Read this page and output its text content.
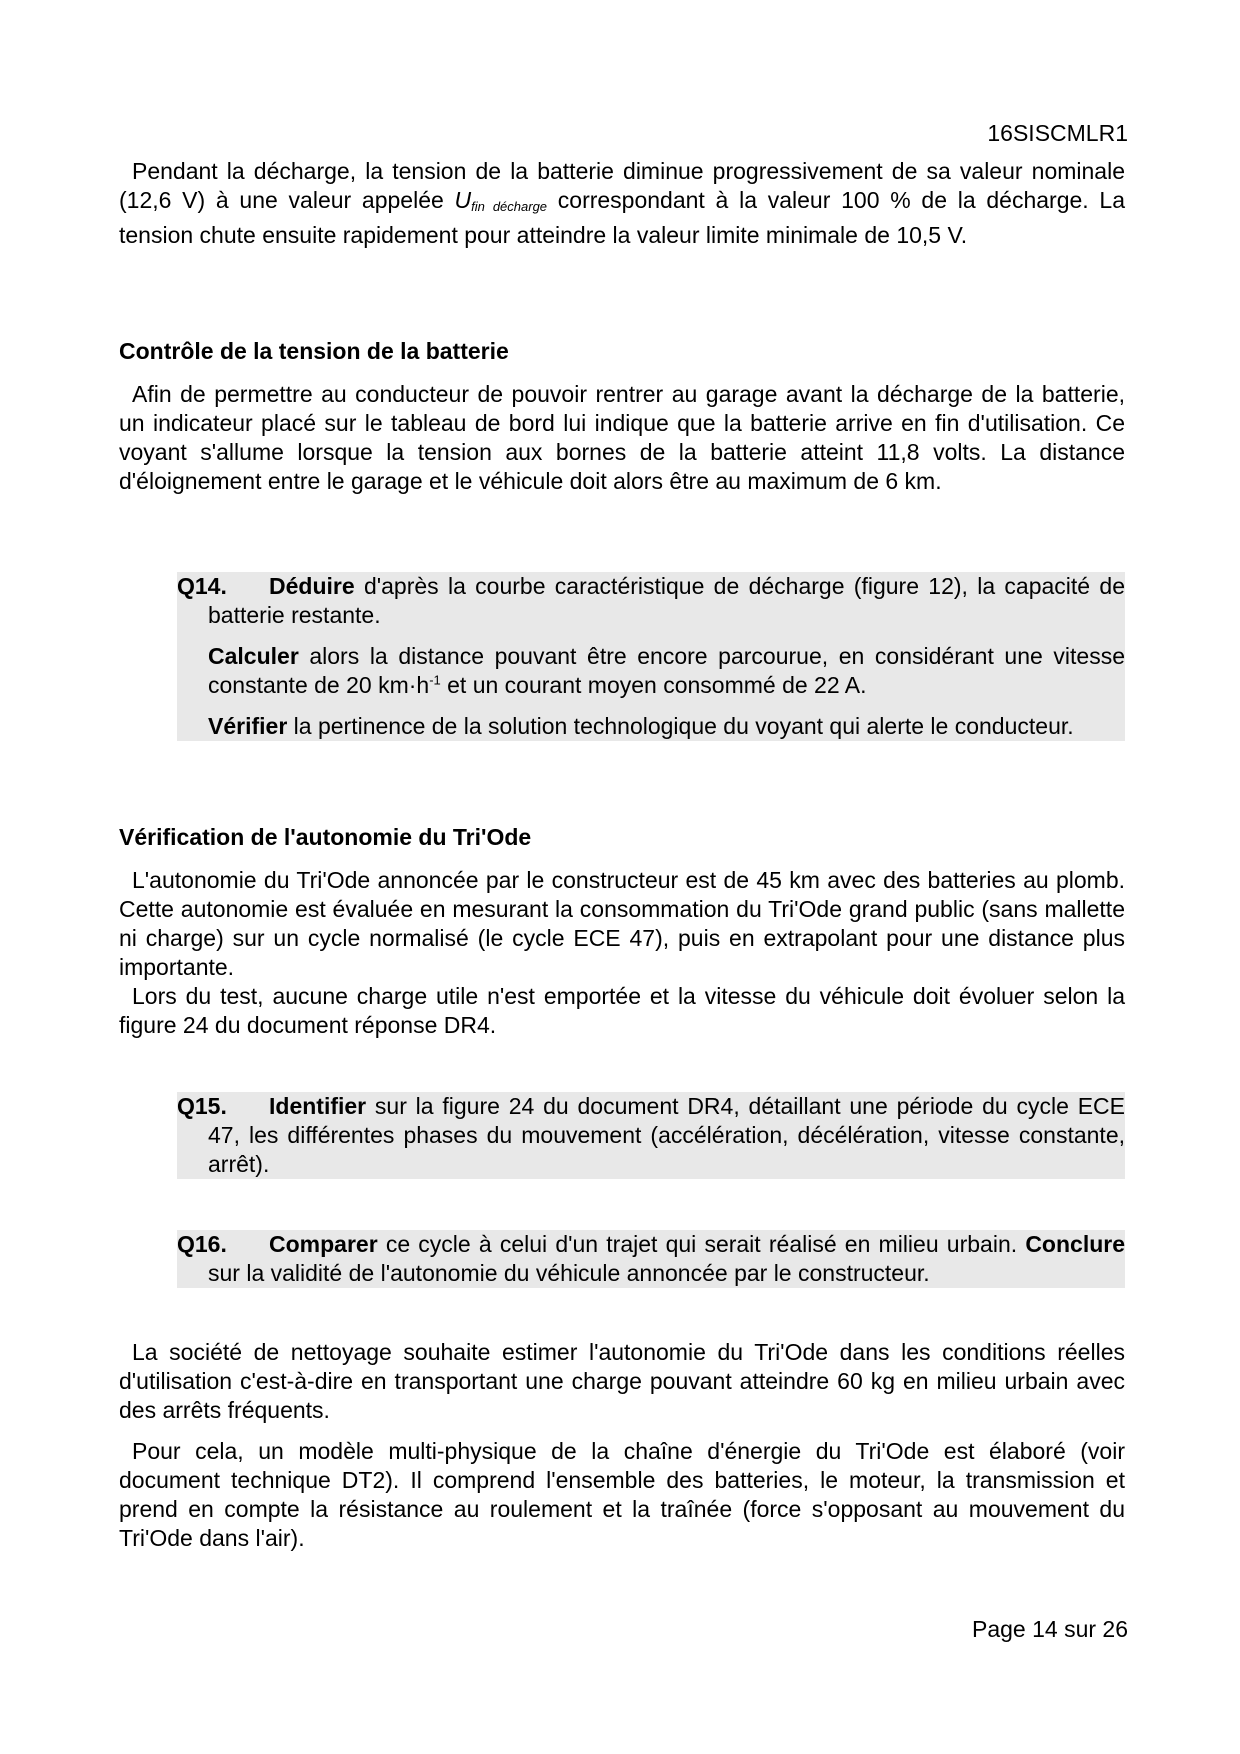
16SISCMLR1

Pendant la décharge, la tension de la batterie diminue progressivement de sa valeur nominale (12,6 V) à une valeur appelée $U_{fin décharge}$ correspondant à la valeur 100 % de la décharge. La tension chute ensuite rapidement pour atteindre la valeur limite minimale de 10,5 V.

Contrôle de la tension de la batterie

Afin de permettre au conducteur de pouvoir rentrer au garage avant la décharge de la batterie, un indicateur placé sur le tableau de bord lui indique que la batterie arrive en fin d'utilisation. Ce voyant s'allume lorsque la tension aux bornes de la batterie atteint 11,8 volts. La distance d'éloignement entre le garage et le véhicule doit alors être au maximum de 6 km.

Q14. Déduire d'après la courbe caractéristique de décharge (figure 12), la capacité de batterie restante.

Calculer alors la distance pouvant être encore parcourue, en considérant une vitesse constante de 20 $km\cdot h^{-1}$ et un courant moyen consommé de 22 A.

Vérifier la pertinence de la solution technologique du voyant qui alerte le conducteur.

Vérification de l'autonomie du Tri'Ode

L'autonomie du Tri'Ode annoncée par le constructeur est de 45 km avec des batteries au plomb. Cette autonomie est évaluée en mesurant la consommation du Tri'Ode grand public (sans mallette ni charge) sur un cycle normalisé (le cycle ECE 47), puis en extrapolant pour une distance plus importante.

Lors du test, aucune charge utile n'est emportée et la vitesse du véhicule doit évoluer selon la figure 24 du document réponse DR4.

Q15. Identifier sur la figure 24 du document DR4, détaillant une période du cycle ECE 47, les différentes phases du mouvement (accélération, décélération, vitesse constante, arrêt).

Q16. Comparer ce cycle à celui d'un trajet qui serait réalisé en milieu urbain. Conclure sur la validité de l'autonomie du véhicule annoncée par le constructeur.

La société de nettoyage souhaite estimer l'autonomie du Tri'Ode dans les conditions réelles d'utilisation c'est-à-dire en transportant une charge pouvant atteindre 60 kg en milieu urbain avec des arrêts fréquents.

Pour cela, un modèle multi-physique de la chaîne d'énergie du Tri'Ode est élaboré (voir document technique DT2). Il comprend l'ensemble des batteries, le moteur, la transmission et prend en compte la résistance au roulement et la traînée (force s'opposant au mouvement du Tri'Ode dans l'air).

Page 14 sur 26
